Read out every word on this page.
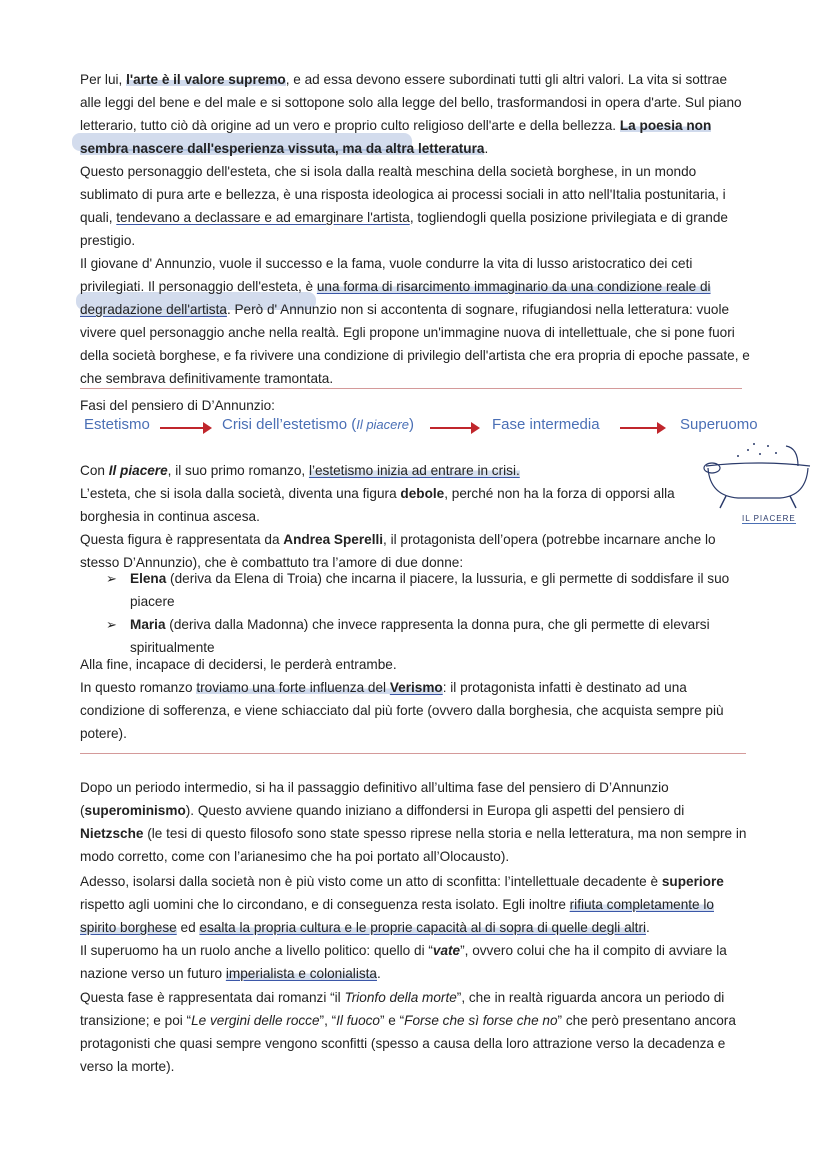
Per lui, l'arte è il valore supremo, e ad essa devono essere subordinati tutti gli altri valori. La vita si sottrae alle leggi del bene e del male e si sottopone solo alla legge del bello, trasformandosi in opera d'arte. Sul piano letterario, tutto ciò dà origine ad un vero e proprio culto religioso dell'arte e della bellezza. La poesia non sembra nascere dall'esperienza vissuta, ma da altra letteratura.

Questo personaggio dell'esteta, che si isola dalla realtà meschina della società borghese, in un mondo sublimato di pura arte e bellezza, è una risposta ideologica ai processi sociali in atto nell'Italia postunitaria, i quali, tendevano a declassare e ad emarginare l'artista, togliendogli quella posizione privilegiata e di grande prestigio.

Il giovane d' Annunzio, vuole il successo e la fama, vuole condurre la vita di lusso aristocratico dei ceti privilegiati. Il personaggio dell'esteta, è una forma di risarcimento immaginario da una condizione reale di degradazione dell'artista. Però d' Annunzio non si accontenta di sognare, rifugiandosi nella letteratura: vuole vivere quel personaggio anche nella realtà. Egli propone un'immagine nuova di intellettuale, che si pone fuori della società borghese, e fa rivivere una condizione di privilegio dell'artista che era propria di epoche passate, e che sembrava definitivamente tramontata.

Fasi del pensiero di D’Annunzio:
Estetismo	Crisi dell’estetismo (Il piacere)	Fase intermedia	Superuomo
IL PIACERE

Con Il piacere, il suo primo romanzo, l’estetismo inizia ad entrare in crisi.

L’esteta, che si isola dalla società, diventa una figura debole, perché non ha la forza di opporsi alla borghesia in continua ascesa.

Questa figura è rappresentata da Andrea Sperelli, il protagonista dell’opera (potrebbe incarnare anche lo stesso D’Annunzio), che è combattuto tra l’amore di due donne:

➢ Elena (deriva da Elena di Troia) che incarna il piacere, la lussuria, e gli permette di soddisfare il suo piacere
➢ Maria (deriva dalla Madonna) che invece rappresenta la donna pura, che gli permette di elevarsi spiritualmente

Alla fine, incapace di decidersi, le perderà entrambe.

In questo romanzo troviamo una forte influenza del Verismo: il protagonista infatti è destinato ad una condizione di sofferenza, e viene schiacciato dal più forte (ovvero dalla borghesia, che acquista sempre più potere).

Dopo un periodo intermedio, si ha il passaggio definitivo all’ultima fase del pensiero di D’Annunzio (superominismo). Questo avviene quando iniziano a diffondersi in Europa gli aspetti del pensiero di Nietzsche (le tesi di questo filosofo sono state spesso riprese nella storia e nella letteratura, ma non sempre in modo corretto, come con l’arianesimo che ha poi portato all’Olocausto).

Adesso, isolarsi dalla società non è più visto come un atto di sconfitta: l’intellettuale decadente è superiore rispetto agli uomini che lo circondano, e di conseguenza resta isolato. Egli inoltre rifiuta completamente lo spirito borghese ed esalta la propria cultura e le proprie capacità al di sopra di quelle degli altri.

Il superuomo ha un ruolo anche a livello politico: quello di “vate”, ovvero colui che ha il compito di avviare la nazione verso un futuro imperialista e colonialista.

Questa fase è rappresentata dai romanzi “il Trionfo della morte”, che in realtà riguarda ancora un periodo di transizione; e poi “Le vergini delle rocce”, “Il fuoco” e “Forse che sì forse che no” che però presentano ancora protagonisti che quasi sempre vengono sconfitti (spesso a causa della loro attrazione verso la decadenza e verso la morte).
